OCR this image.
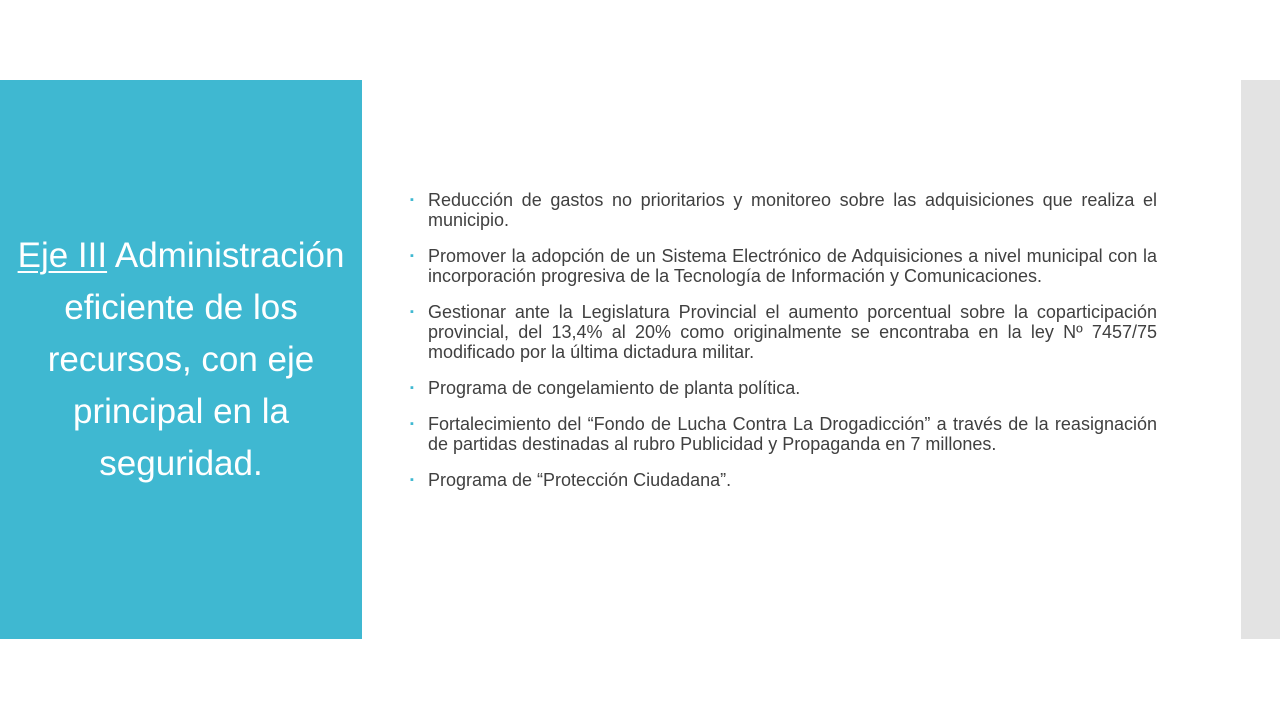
Eje III Administración eficiente de los recursos, con eje principal en la seguridad.
▪ Reducción de gastos no prioritarios y monitoreo sobre las adquisiciones que realiza el municipio.
▪ Promover la adopción de un Sistema Electrónico de Adquisiciones a nivel municipal con la incorporación progresiva de la Tecnología de Información y Comunicaciones.
▪ Gestionar ante la Legislatura Provincial el aumento porcentual sobre la coparticipación provincial, del 13,4% al 20% como originalmente se encontraba en la ley Nº 7457/75 modificado por la última dictadura militar.
▪ Programa de congelamiento de planta política.
▪ Fortalecimiento del “Fondo de Lucha Contra La Drogadicción” a través de la reasignación de partidas destinadas al rubro Publicidad y Propaganda en 7 millones.
▪ Programa de “Protección Ciudadana”.
